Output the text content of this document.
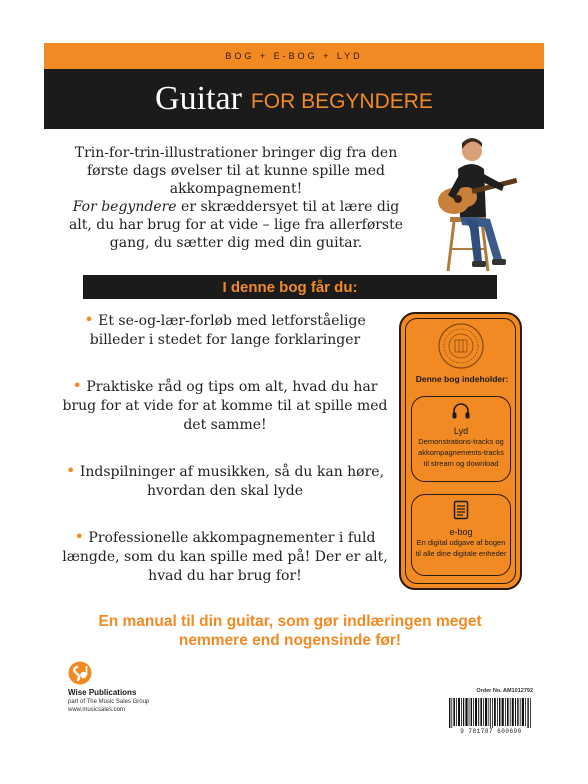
BOG + E-BOG + LYD
Guitar FOR BEGYNDERE

Trin-for-trin-illustrationer bringer dig fra den første dags øvelser til at kunne spille med akkompagnement!

For begyndere er skræddersyet til at lære dig alt, du har brug for at vide – lige fra allerførste gang, du sætter dig med din guitar.

I denne bog får du:

• Et se-og-lær-forløb med letforståelige billeder i stedet for lange forklaringer

• Praktiske råd og tips om alt, hvad du har brug for at vide for at komme til at spille med det samme!

• Indspilninger af musikken, så du kan høre, hvordan den skal lyde

• Professionelle akkompagnementer i fuld længde, som du kan spille med på! Der er alt, hvad du har brug for!

Denne bog indeholder:
Lyd
Demonstrations-tracks og akkompagnements-tracks til stream og download
e-bog
En digital udgave af bogen til alle dine digitale enheder
En manual til din guitar, som gør indlæringen meget nemmere end nogensinde før!
Wise Publications
part of The Music Sales Group
www.musicsales.com
Order No. AM1012792
9 781787 600690
